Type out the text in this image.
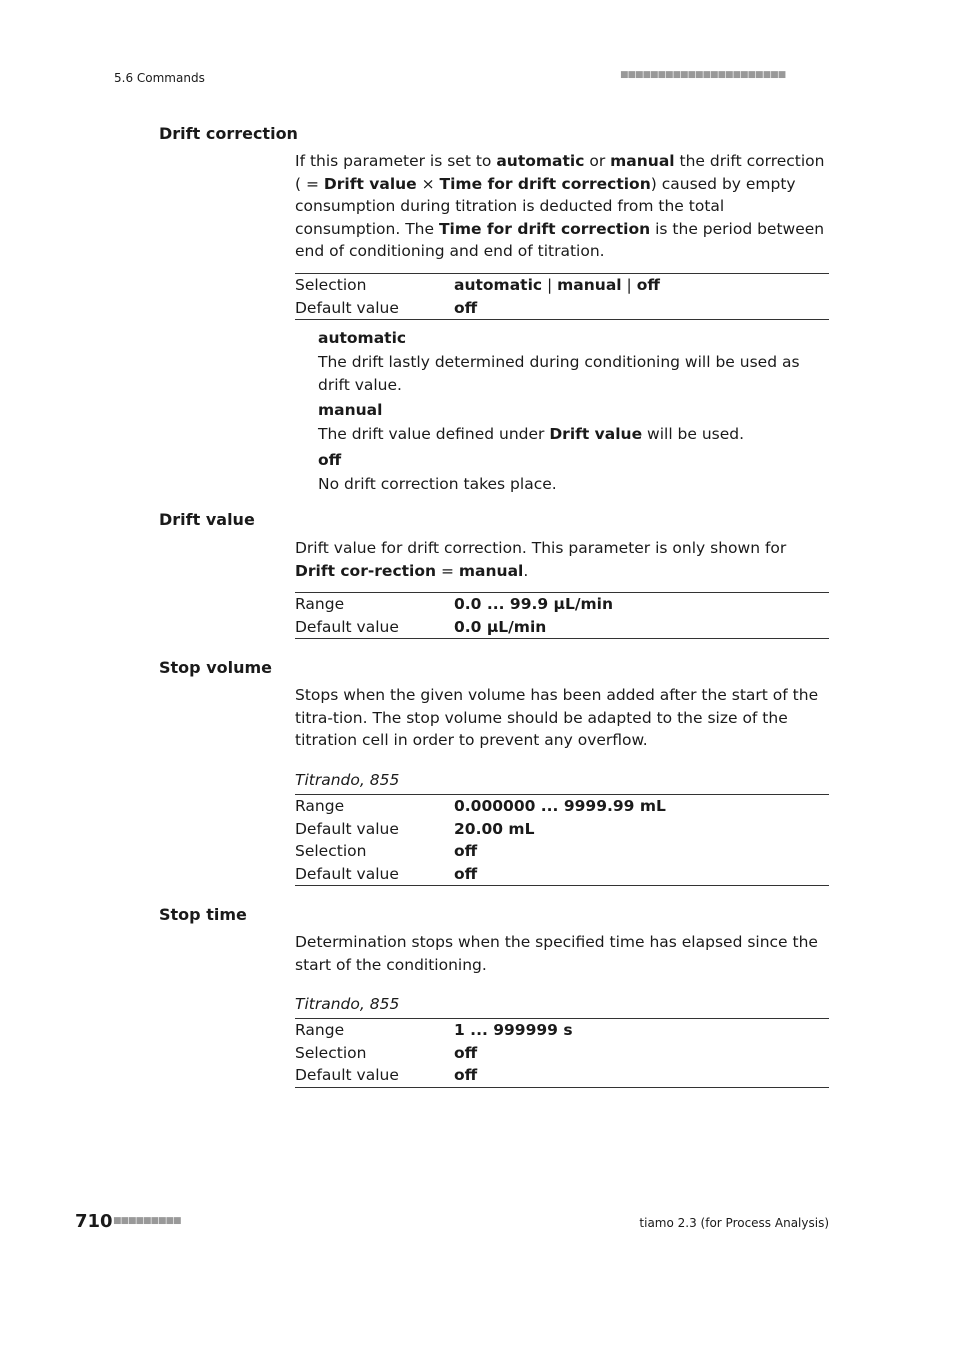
5.6 Commands	■■■■■■■■■■■■■■■■■■■■■■
Drift correction
If this parameter is set to automatic or manual the drift correction ( = Drift value × Time for drift correction) caused by empty consumption during titration is deducted from the total consumption. The Time for drift correction is the period between end of conditioning and end of titration.
Selection	automatic | manual | off
Default value	off
automatic
The drift lastly determined during conditioning will be used as drift value.
manual
The drift value defined under Drift value will be used.
off
No drift correction takes place.
Drift value
Drift value for drift correction. This parameter is only shown for Drift cor-rection = manual.
Range	0.0 ... 99.9 µL/min
Default value	0.0 µL/min
Stop volume
Stops when the given volume has been added after the start of the titra-tion. The stop volume should be adapted to the size of the titration cell in order to prevent any overflow.
Titrando, 855
Range	0.000000 ... 9999.99 mL
Default value	20.00 mL
Selection	off
Default value	off
Stop time
Determination stops when the specified time has elapsed since the start of the conditioning.
Titrando, 855
Range	1 ... 999999 s
Selection	off
Default value	off
710 ■■■■■■■■■	tiamo 2.3 (for Process Analysis)
